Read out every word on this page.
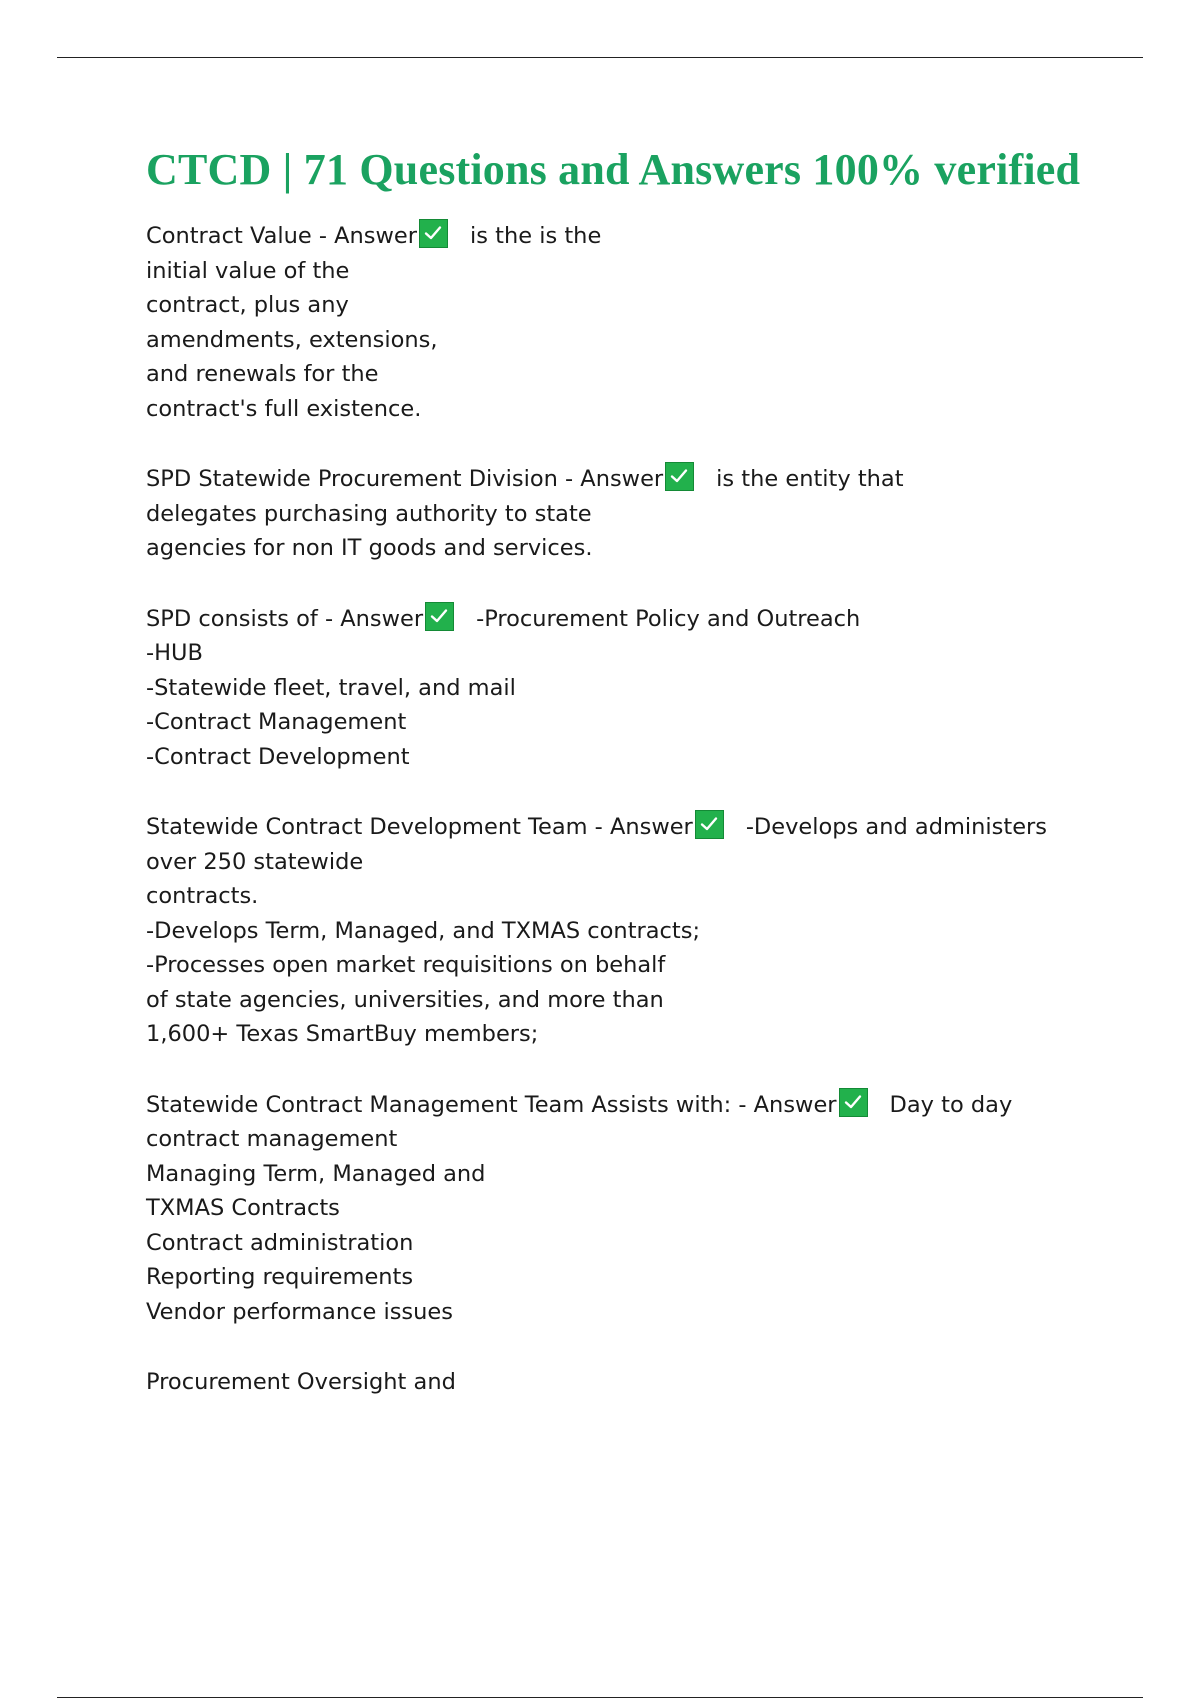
CTCD | 71 Questions and Answers 100% verified
Contract Value - Answer is the is the
initial value of the
contract, plus any
amendments, extensions,
and renewals for the
contract's full existence.
SPD Statewide Procurement Division - Answer is the entity that
delegates purchasing authority to state
agencies for non IT goods and services.
SPD consists of - Answer -Procurement Policy and Outreach
-HUB
-Statewide fleet, travel, and mail
-Contract Management
-Contract Development
Statewide Contract Development Team - Answer -Develops and administers
over 250 statewide
contracts.
-Develops Term, Managed, and TXMAS contracts;
-Processes open market requisitions on behalf
of state agencies, universities, and more than
1,600+ Texas SmartBuy members;
Statewide Contract Management Team Assists with: - Answer Day to day
contract management
Managing Term, Managed and
TXMAS Contracts
Contract administration
Reporting requirements
Vendor performance issues
Procurement Oversight and
